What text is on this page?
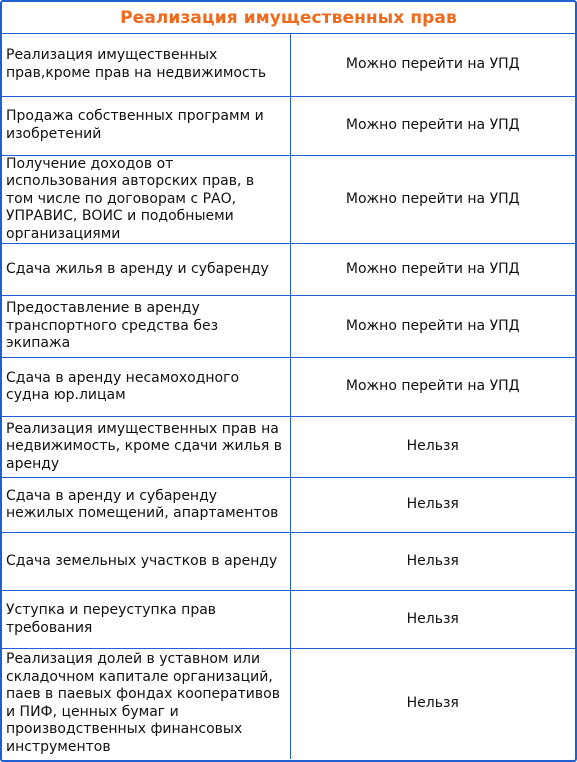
Реализация имущественных прав
Реализация имущественных прав,кроме прав на недвижимость	Можно перейти на УПД
Продажа собственных программ и изобретений	Можно перейти на УПД
Получение доходов от использования авторских прав, в том числе по договорам с РАО, УПРАВИС, ВОИС и подобныеми организациями	Можно перейти на УПД
Сдача жилья в аренду и субаренду	Можно перейти на УПД
Предоставление в аренду транспортного средства без экипажа	Можно перейти на УПД
Сдача в аренду несамоходного судна юр.лицам	Можно перейти на УПД
Реализация имущественных прав на недвижимость, кроме сдачи жилья в аренду	Нельзя
Сдача в аренду и субаренду нежилых помещений, апартаментов	Нельзя
Сдача земельных участков в аренду	Нельзя
Уступка и переуступка прав требования	Нельзя
Реализация долей в уставном или складочном капитале организаций, паев в паевых фондах кооперативов и ПИФ, ценных бумаг и производственных финансовых инструментов	Нельзя
